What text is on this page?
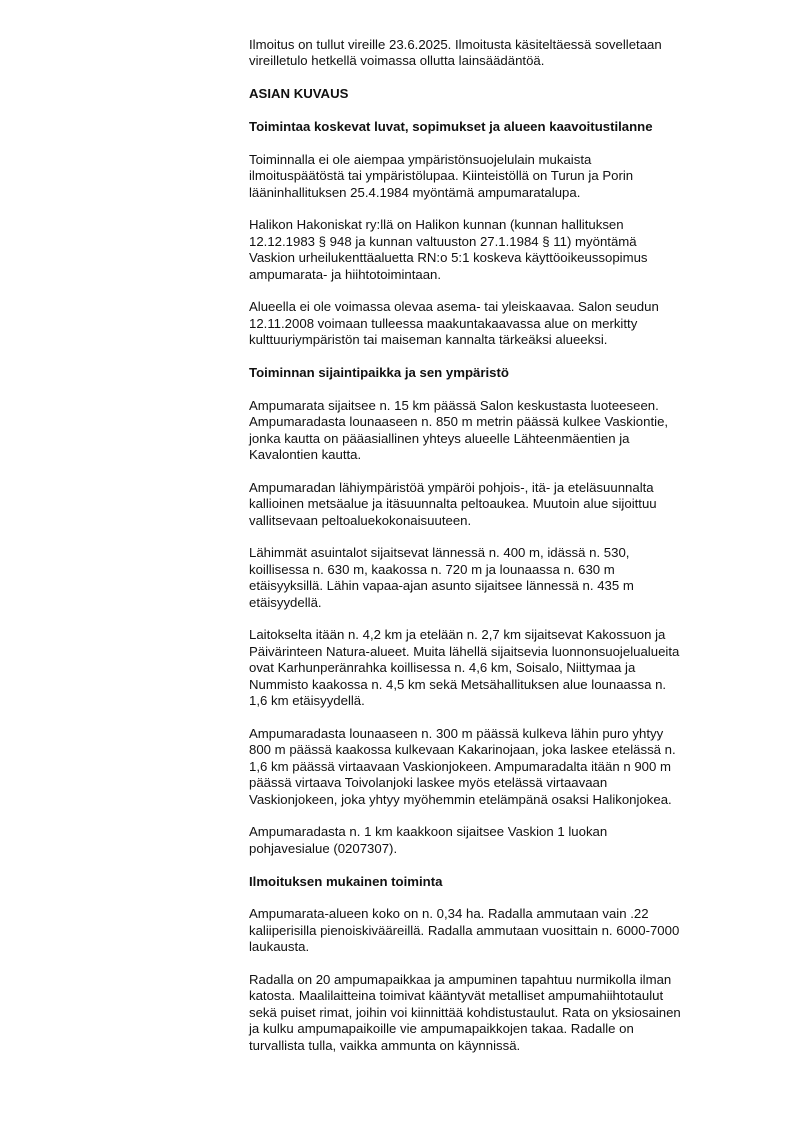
Ilmoitus on tullut vireille 23.6.2025. Ilmoitusta käsiteltäessä sovelletaan
vireilletulo hetkellä voimassa ollutta lainsäädäntöä.

ASIAN KUVAUS

Toimintaa koskevat luvat, sopimukset ja alueen kaavoitustilanne

Toiminnalla ei ole aiempaa ympäristönsuojelulain mukaista
ilmoituspäätöstä tai ympäristölupaa. Kiinteistöllä on Turun ja Porin
lääninhallituksen 25.4.1984 myöntämä ampumaratalupa.

Halikon Hakoniskat ry:llä on Halikon kunnan (kunnan hallituksen
12.12.1983 § 948 ja kunnan valtuuston 27.1.1984 § 11) myöntämä
Vaskion urheilukenttäaluetta RN:o 5:1 koskeva käyttöoikeussopimus
ampumarata- ja hiihtotoimintaan.

Alueella ei ole voimassa olevaa asema- tai yleiskaavaa. Salon seudun
12.11.2008 voimaan tulleessa maakuntakaavassa alue on merkitty
kulttuuriympäristön tai maiseman kannalta tärkeäksi alueeksi.

Toiminnan sijaintipaikka ja sen ympäristö

Ampumarata sijaitsee n. 15 km päässä Salon keskustasta luoteeseen.
Ampumaradasta lounaaseen n. 850 m metrin päässä kulkee Vaskiontie,
jonka kautta on pääasiallinen yhteys alueelle Lähteenmäentien ja
Kavalontien kautta.

Ampumaradan lähiympäristöä ympäröi pohjois-, itä- ja eteläsuunnalta
kallioinen metsäalue ja itäsuunnalta peltoaukea. Muutoin alue sijoittuu
vallitsevaan peltoaluekokonaisuuteen.

Lähimmät asuintalot sijaitsevat lännessä n. 400 m, idässä n. 530,
koillisessa n. 630 m, kaakossa n. 720 m ja lounaassa n. 630 m
etäisyyksillä. Lähin vapaa-ajan asunto sijaitsee lännessä n. 435 m
etäisyydellä.

Laitokselta itään n. 4,2 km ja etelään n. 2,7 km sijaitsevat Kakossuon ja
Päivärinteen Natura-alueet. Muita lähellä sijaitsevia luonnonsuojelualueita
ovat Karhunperänrahka koillisessa n. 4,6 km, Soisalo, Niittymaa ja
Nummisto kaakossa n. 4,5 km sekä Metsähallituksen alue lounaassa n.
1,6 km etäisyydellä.

Ampumaradasta lounaaseen n. 300 m päässä kulkeva lähin puro yhtyy
800 m päässä kaakossa kulkevaan Kakarinojaan, joka laskee etelässä n.
1,6 km päässä virtaavaan Vaskionjokeen. Ampumaradalta itään n 900 m
päässä virtaava Toivolanjoki laskee myös etelässä virtaavaan
Vaskionjokeen, joka yhtyy myöhemmin etelämpänä osaksi Halikonjokea.

Ampumaradasta n. 1 km kaakkoon sijaitsee Vaskion 1 luokan
pohjavesialue (0207307).

Ilmoituksen mukainen toiminta

Ampumarata-alueen koko on n. 0,34 ha. Radalla ammutaan vain .22
kaliiperisilla pienoiskivääreillä. Radalla ammutaan vuosittain n. 6000-7000
laukausta.

Radalla on 20 ampumapaikkaa ja ampuminen tapahtuu nurmikolla ilman
katosta. Maalilaitteina toimivat kääntyvät metalliset ampumahiihtotaulut
sekä puiset rimat, joihin voi kiinnittää kohdistustaulut. Rata on yksiosainen
ja kulku ampumapaikoille vie ampumapaikkojen takaa. Radalle on
turvallista tulla, vaikka ammunta on käynnissä.
